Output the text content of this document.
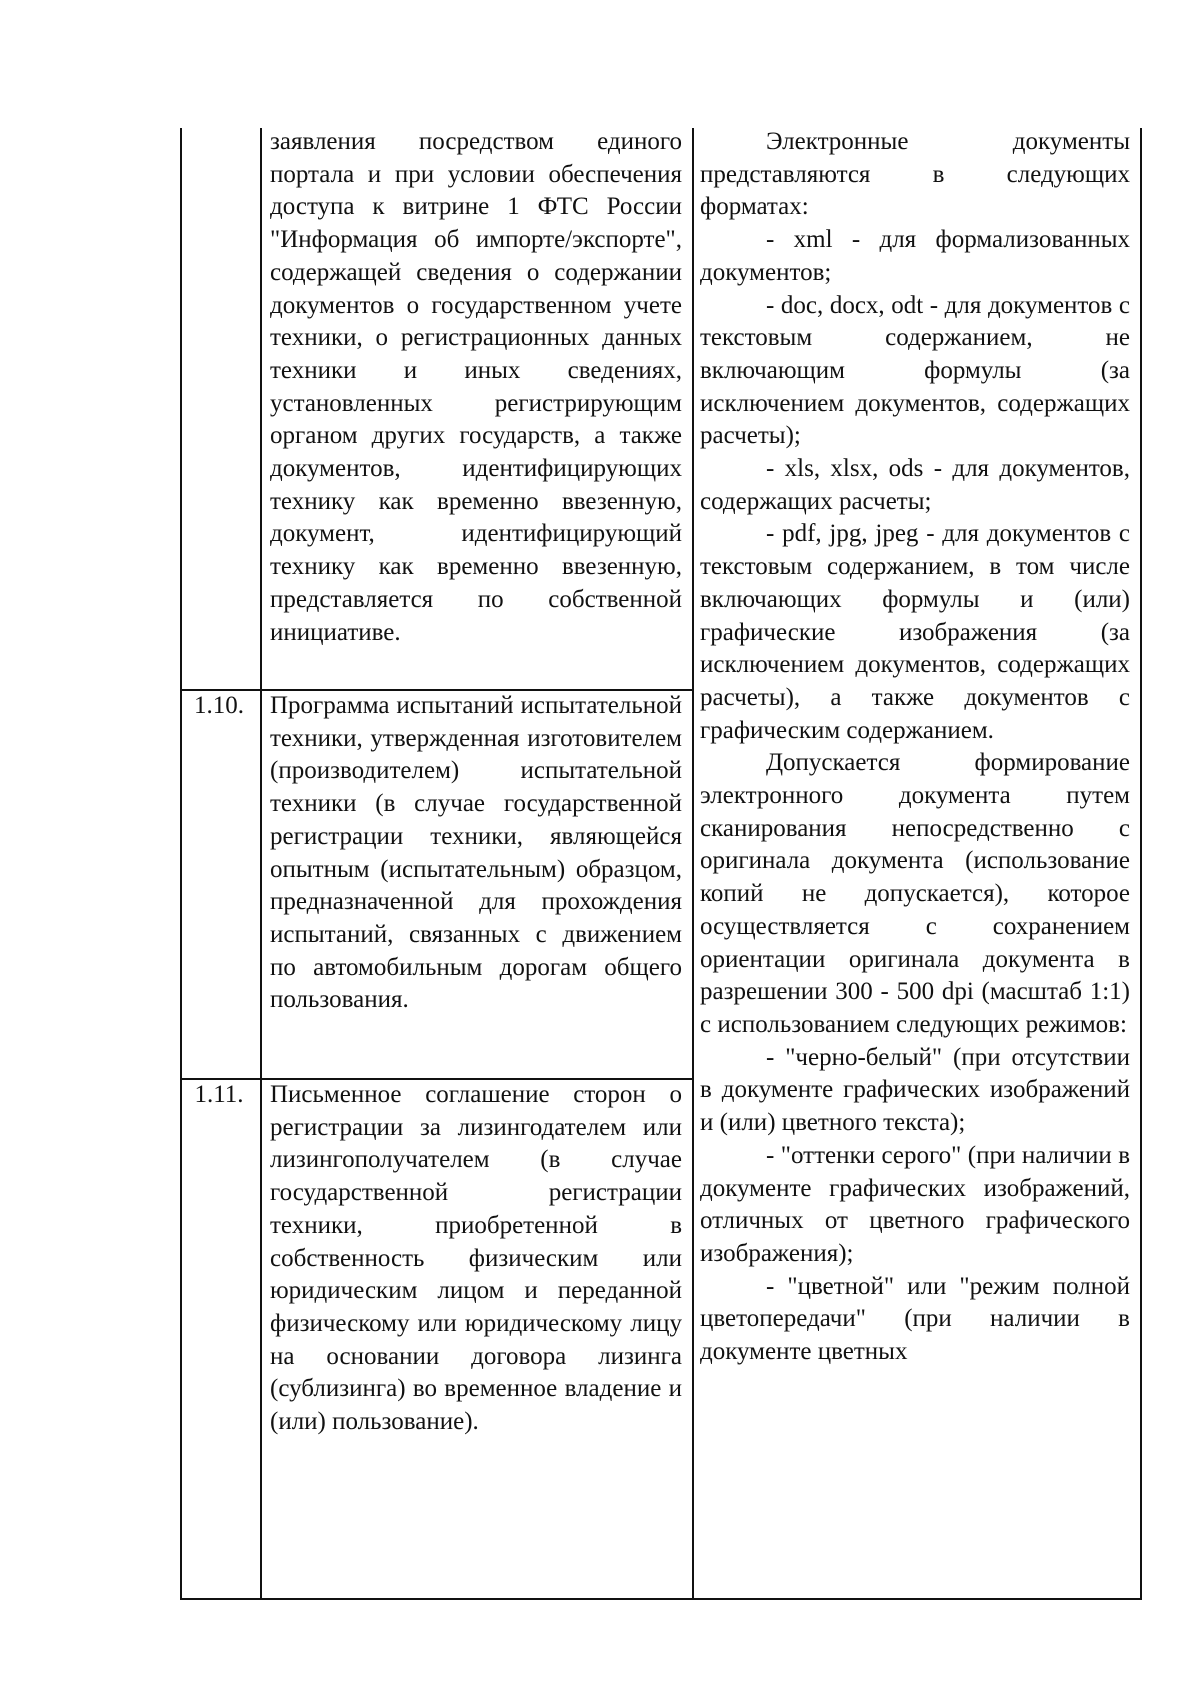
заявления посредством единого портала и при условии обеспечения доступа к витрине 1 ФТС России "Информация об импорте/экспорте", содержащей сведения о содержании документов о государственном учете техники, о регистрационных данных техники и иных сведениях, установленных регистрирующим органом других государств, а также документов, идентифицирующих технику как временно ввезенную, документ, идентифицирующий технику как временно ввезенную, представляется по собственной инициативе.
1.10.	Программа испытаний испытательной техники, утвержденная изготовителем (производителем) испытательной техники (в случае государственной регистрации техники, являющейся опытным (испытательным) образцом, предназначенной для прохождения испытаний, связанных с движением по автомобильным дорогам общего пользования.
1.11.	Письменное соглашение сторон о регистрации за лизингодателем или лизингополучателем (в случае государственной регистрации техники, приобретенной в собственность физическим или юридическим лицом и переданной физическому или юридическому лицу на основании договора лизинга (сублизинга) во временное владение и (или) пользование).

Электронные документы представляются в следующих форматах:

- xml - для формализованных документов;

- doc, docx, odt - для документов с текстовым содержанием, не включающим формулы (за исключением документов, содержащих расчеты);

- xls, xlsx, ods - для документов, содержащих расчеты;

- pdf, jpg, jpeg - для документов с текстовым содержанием, в том числе включающих формулы и (или) графические изображения (за исключением документов, содержащих расчеты), а также документов с графическим содержанием.

Допускается формирование электронного документа путем сканирования непосредственно с оригинала документа (использование копий не допускается), которое осуществляется с сохранением ориентации оригинала документа в разрешении 300 - 500 dpi (масштаб 1:1) с использованием следующих режимов:

- "черно-белый" (при отсутствии в документе графических изображений и (или) цветного текста);

- "оттенки серого" (при наличии в документе графических изображений, отличных от цветного графического изображения);

- "цветной" или "режим полной цветопередачи" (при наличии в документе цветных
